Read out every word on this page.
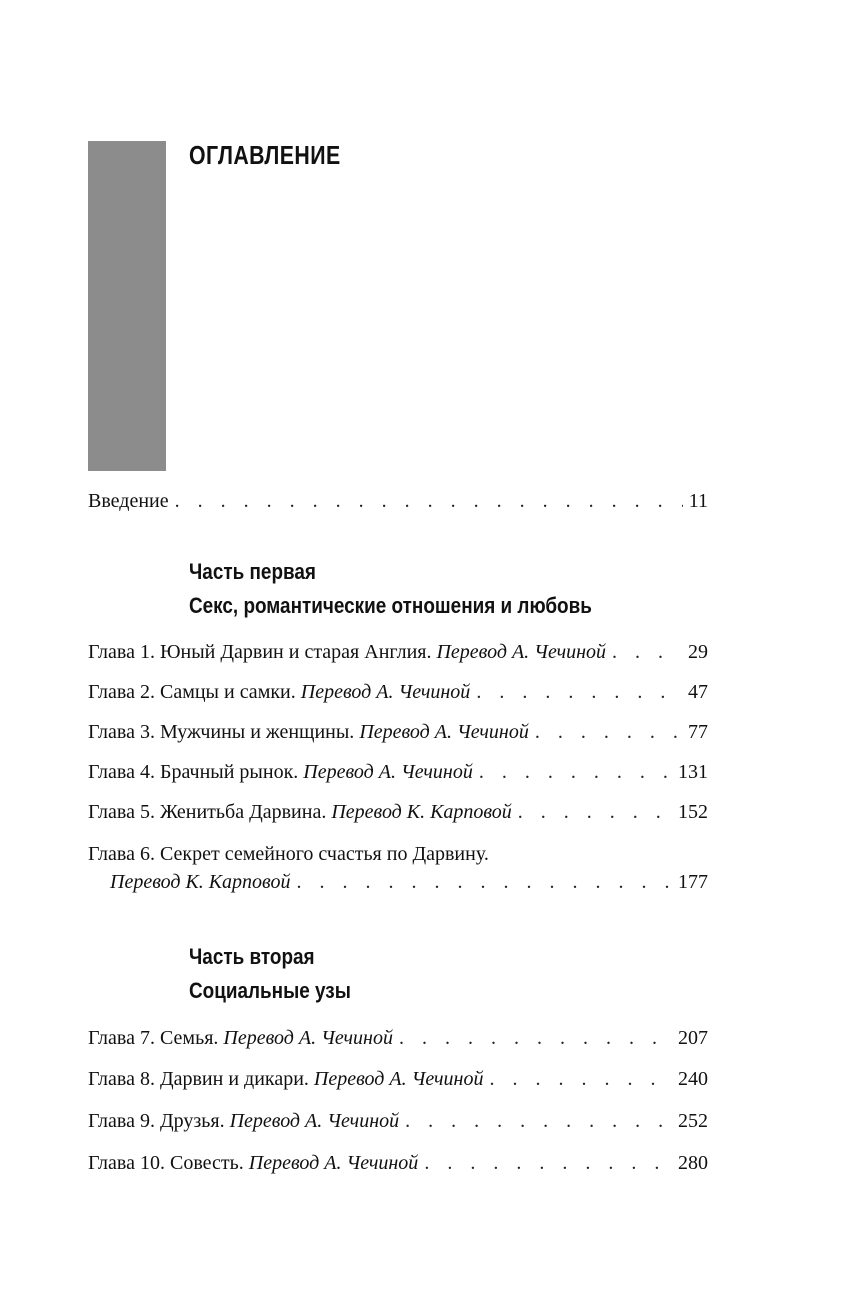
ОГЛАВЛЕНИЕ
Введение . . .	11
Часть первая
Секс, романтические отношения и любовь
Глава 1. Юный Дарвин и старая Англия. Перевод А. Чечиной . . .	29
Глава 2. Самцы и самки. Перевод А. Чечиной . . .	47
Глава 3. Мужчины и женщины. Перевод А. Чечиной . . .	77
Глава 4. Брачный рынок. Перевод А. Чечиной . . .	131
Глава 5. Женитьба Дарвина. Перевод К. Карповой . . .	152
Глава 6. Секрет семейного счастья по Дарвину.
Перевод К. Карповой . . .	177
Часть вторая
Социальные узы
Глава 7. Семья. Перевод А. Чечиной . . .	207
Глава 8. Дарвин и дикари. Перевод А. Чечиной . . .	240
Глава 9. Друзья. Перевод А. Чечиной . . .	252
Глава 10. Совесть. Перевод А. Чечиной . . .	280
